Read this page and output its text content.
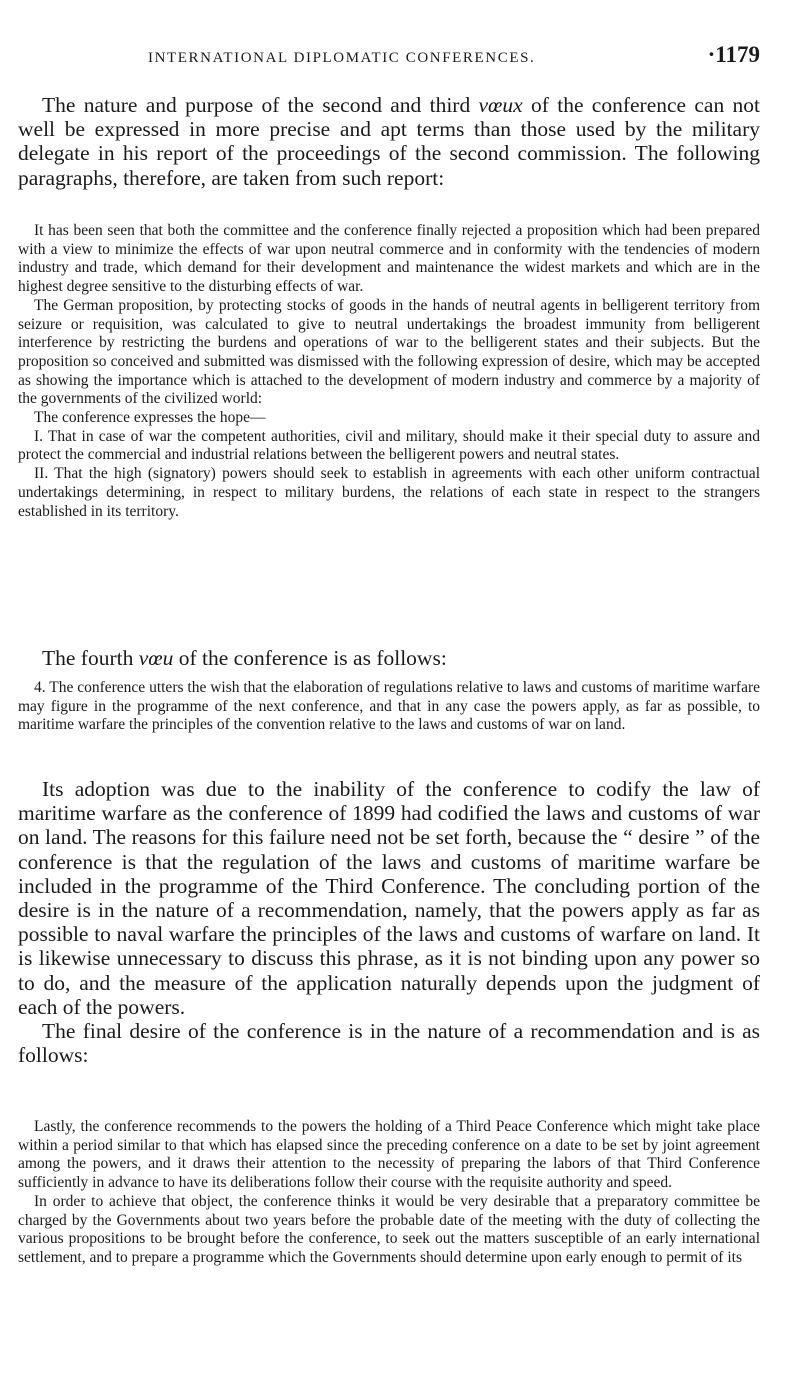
INTERNATIONAL DIPLOMATIC CONFERENCES.	·1179

The nature and purpose of the second and third vœux of the conference can not well be expressed in more precise and apt terms than those used by the military delegate in his report of the proceedings of the second commission. The following paragraphs, therefore, are taken from such report:

It has been seen that both the committee and the conference finally rejected a proposition which had been prepared with a view to minimize the effects of war upon neutral commerce and in conformity with the tendencies of modern industry and trade, which demand for their development and maintenance the widest markets and which are in the highest degree sensitive to the disturbing effects of war.

The German proposition, by protecting stocks of goods in the hands of neutral agents in belligerent territory from seizure or requisition, was calculated to give to neutral undertakings the broadest immunity from belligerent interference by restricting the burdens and operations of war to the belligerent states and their subjects. But the proposition so conceived and submitted was dismissed with the following expression of desire, which may be accepted as showing the importance which is attached to the development of modern industry and commerce by a majority of the governments of the civilized world:

The conference expresses the hope—

I. That in case of war the competent authorities, civil and military, should make it their special duty to assure and protect the commercial and industrial relations between the belligerent powers and neutral states.

II. That the high (signatory) powers should seek to establish in agreements with each other uniform contractual undertakings determining, in respect to military burdens, the relations of each state in respect to the strangers established in its territory.

The fourth vœu of the conference is as follows:

4. The conference utters the wish that the elaboration of regulations relative to laws and customs of maritime warfare may figure in the programme of the next conference, and that in any case the powers apply, as far as possible, to maritime warfare the principles of the convention relative to the laws and customs of war on land.

Its adoption was due to the inability of the conference to codify the law of maritime warfare as the conference of 1899 had codified the laws and customs of war on land. The reasons for this failure need not be set forth, because the “ desire ” of the conference is that the regulation of the laws and customs of maritime warfare be included in the programme of the Third Conference. The concluding portion of the desire is in the nature of a recommendation, namely, that the powers apply as far as possible to naval warfare the principles of the laws and customs of warfare on land. It is likewise unnecessary to discuss this phrase, as it is not binding upon any power so to do, and the measure of the application naturally depends upon the judgment of each of the powers.

The final desire of the conference is in the nature of a recommendation and is as follows:

Lastly, the conference recommends to the powers the holding of a Third Peace Conference which might take place within a period similar to that which has elapsed since the preceding conference on a date to be set by joint agreement among the powers, and it draws their attention to the necessity of preparing the labors of that Third Conference sufficiently in advance to have its deliberations follow their course with the requisite authority and speed.

In order to achieve that object, the conference thinks it would be very desirable that a preparatory committee be charged by the Governments about two years before the probable date of the meeting with the duty of collecting the various propositions to be brought before the conference, to seek out the matters susceptible of an early international settlement, and to prepare a programme which the Governments should determine upon early enough to permit of its
